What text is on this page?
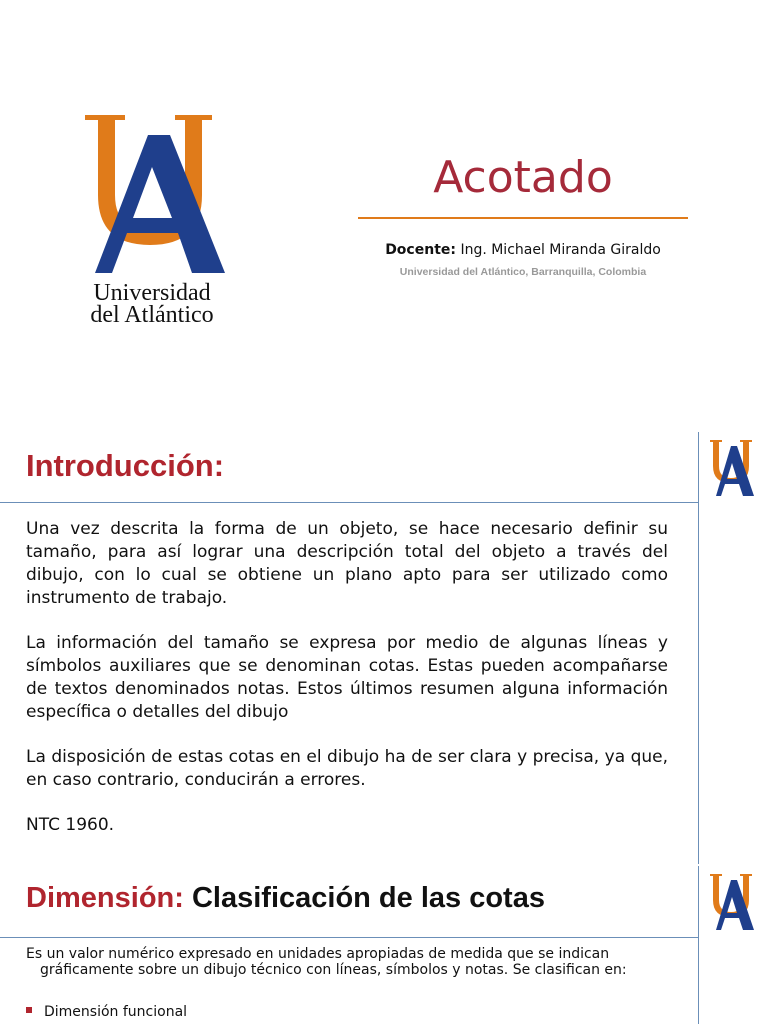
Universidad
del Atlántico
Acotado
Docente: Ing. Michael Miranda Giraldo
Universidad del Atlántico, Barranquilla, Colombia
Introducción:

Una vez descrita la forma de un objeto, se hace necesario definir su tamaño, para así lograr una descripción total del objeto a través del dibujo, con lo cual se obtiene un plano apto para ser utilizado como instrumento de trabajo.

La información del tamaño se expresa por medio de algunas líneas y símbolos auxiliares que se denominan cotas. Estas pueden acompañarse de textos denominados notas. Estos últimos resumen alguna información específica o detalles del dibujo

La disposición de estas cotas en el dibujo ha de ser clara y precisa, ya que, en caso contrario, conducirán a errores.

NTC 1960.

Dimensión: Clasificación de las cotas
Es un valor numérico expresado en unidades apropiadas de medida que se indican
gráficamente sobre un dibujo técnico con líneas, símbolos y notas. Se clasifican en:
Dimensión funcional
